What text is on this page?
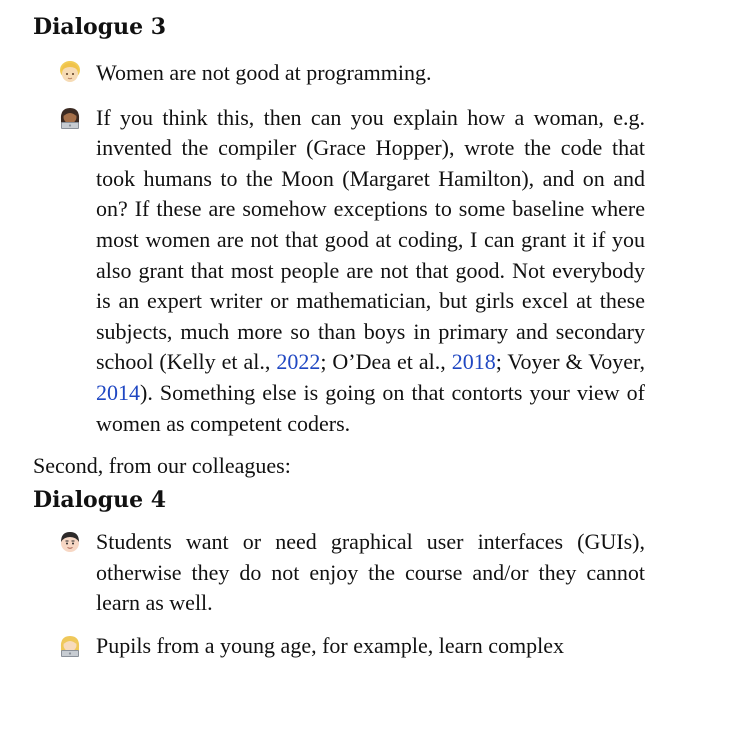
Dialogue 3

Women are not good at programming.

If you think this, then can you explain how a woman, e.g. invented the compiler (Grace Hopper), wrote the code that took humans to the Moon (Margaret Hamilton), and on and on? If these are somehow exceptions to some baseline where most women are not that good at coding, I can grant it if you also grant that most people are not that good. Not everybody is an expert writer or mathematician, but girls excel at these subjects, much more so than boys in primary and secondary school (Kelly et al., 2022; O’Dea et al., 2018; Voyer & Voyer, 2014). Something else is going on that contorts your view of women as competent coders.

Second, from our colleagues:

Dialogue 4

Students want or need graphical user interfaces (GUIs), otherwise they do not enjoy the course and/or they cannot learn as well.

Pupils from a young age, for example, learn complex
